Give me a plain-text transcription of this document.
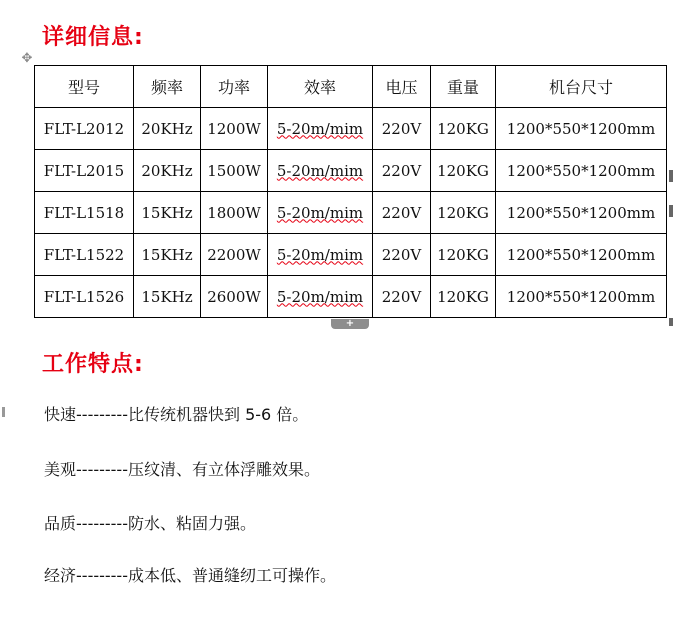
详细信息:
✥
型号	频率	功率	效率	电压	重量	机台尺寸
FLT-L2012	20KHz	1200W	5-20m/mim	220V	120KG	1200*550*1200mm
FLT-L2015	20KHz	1500W	5-20m/mim	220V	120KG	1200*550*1200mm
FLT-L1518	15KHz	1800W	5-20m/mim	220V	120KG	1200*550*1200mm
FLT-L1522	15KHz	2200W	5-20m/mim	220V	120KG	1200*550*1200mm
FLT-L1526	15KHz	2600W	5-20m/mim	220V	120KG	1200*550*1200mm
+
工作特点:
快速---------比传统机器快到 5-6 倍。
美观---------压纹清、有立体浮雕效果。
品质---------防水、粘固力强。
经济---------成本低、普通缝纫工可操作。
